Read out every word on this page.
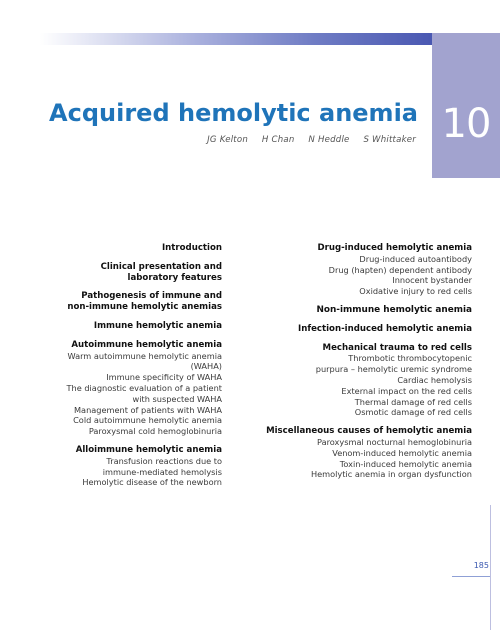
10
Acquired hemolytic anemia
JG Kelton H Chan N Heddle S Whittaker
Introduction
Clinical presentation and
laboratory features
Pathogenesis of immune and
non-immune hemolytic anemias
Immune hemolytic anemia
Autoimmune hemolytic anemia
Warm autoimmune hemolytic anemia
(WAHA)
Immune specificity of WAHA
The diagnostic evaluation of a patient
with suspected WAHA
Management of patients with WAHA
Cold autoimmune hemolytic anemia
Paroxysmal cold hemoglobinuria
Alloimmune hemolytic anemia
Transfusion reactions due to
immune-mediated hemolysis
Hemolytic disease of the newborn
Drug-induced hemolytic anemia
Drug-induced autoantibody
Drug (hapten) dependent antibody
Innocent bystander
Oxidative injury to red cells
Non-immune hemolytic anemia
Infection-induced hemolytic anemia
Mechanical trauma to red cells
Thrombotic thrombocytopenic
purpura – hemolytic uremic syndrome
Cardiac hemolysis
External impact on the red cells
Thermal damage of red cells
Osmotic damage of red cells
Miscellaneous causes of hemolytic anemia
Paroxysmal nocturnal hemoglobinuria
Venom-induced hemolytic anemia
Toxin-induced hemolytic anemia
Hemolytic anemia in organ dysfunction
185
